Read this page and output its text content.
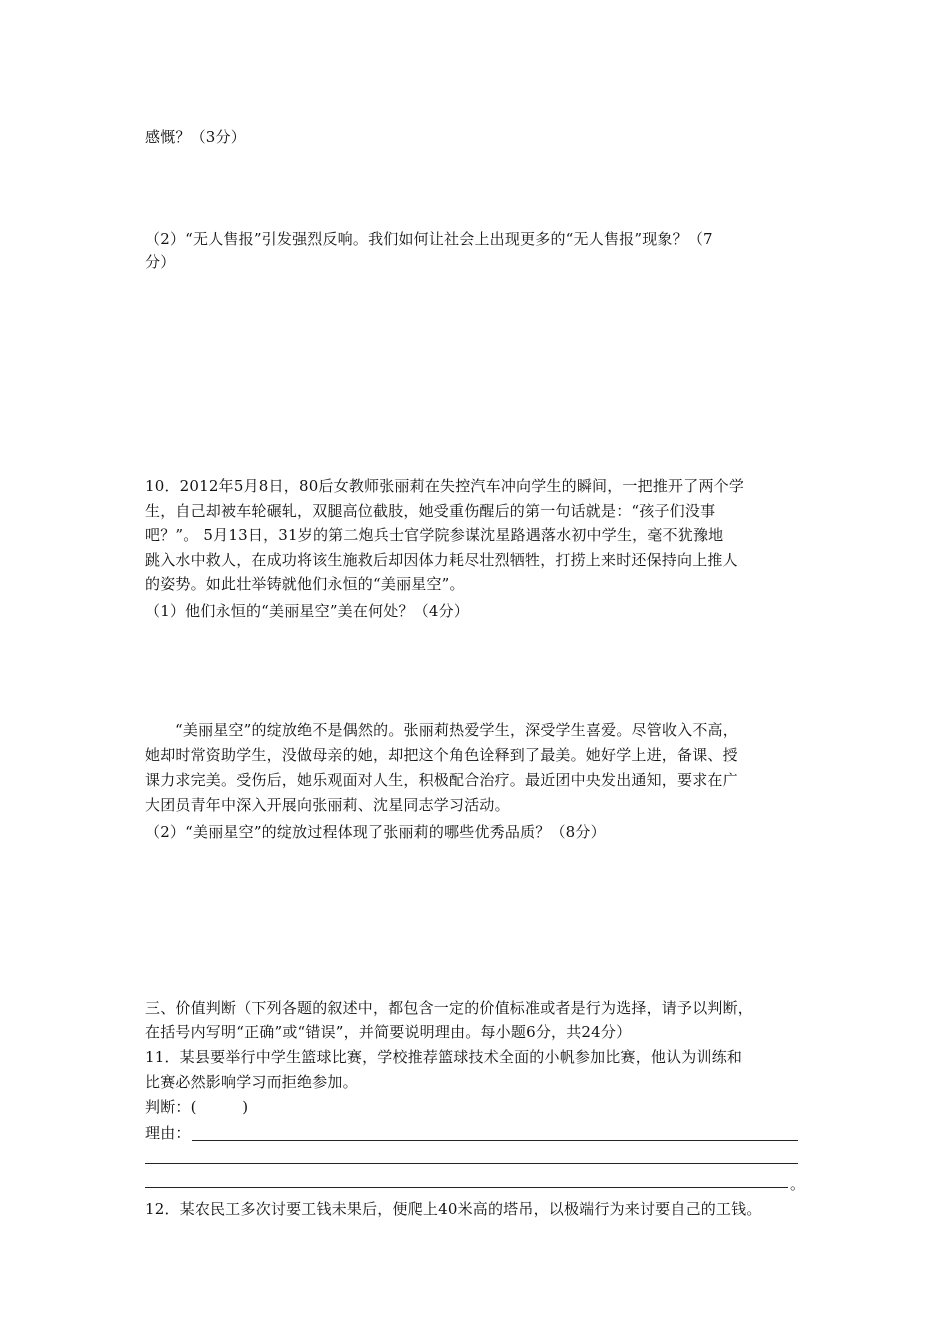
感慨？（3分）
（2）“无人售报”引发强烈反响。我们如何让社会上出现更多的“无人售报”现象？（7
分）
10．2012年5月8日，80后女教师张丽莉在失控汽车冲向学生的瞬间，一把推开了两个学
生，自己却被车轮碾轧，双腿高位截肢，她受重伤醒后的第一句话就是：“孩子们没事
吧？”。 5月13日，31岁的第二炮兵士官学院参谋沈星路遇落水初中学生，毫不犹豫地
跳入水中救人，在成功将该生施救后却因体力耗尽壮烈牺牲，打捞上来时还保持向上推人
的姿势。如此壮举铸就他们永恒的“美丽星空”。
（1）他们永恒的“美丽星空”美在何处？（4分）
“美丽星空”的绽放绝不是偶然的。张丽莉热爱学生，深受学生喜爱。尽管收入不高，
她却时常资助学生，没做母亲的她，却把这个角色诠释到了最美。她好学上进，备课、授
课力求完美。受伤后，她乐观面对人生，积极配合治疗。最近团中央发出通知，要求在广
大团员青年中深入开展向张丽莉、沈星同志学习活动。
（2）“美丽星空”的绽放过程体现了张丽莉的哪些优秀品质？（8分）
三、价值判断（下列各题的叙述中，都包含一定的价值标准或者是行为选择，请予以判断，
在括号内写明“正确”或“错误”，并简要说明理由。每小题6分，共24分）
11．某县要举行中学生篮球比赛，学校推荐篮球技术全面的小帆参加比赛，他认为训练和
比赛必然影响学习而拒绝参加。
判断：(　　　)
理由：
。
12．某农民工多次讨要工钱未果后，便爬上40米高的塔吊，以极端行为来讨要自己的工钱。
